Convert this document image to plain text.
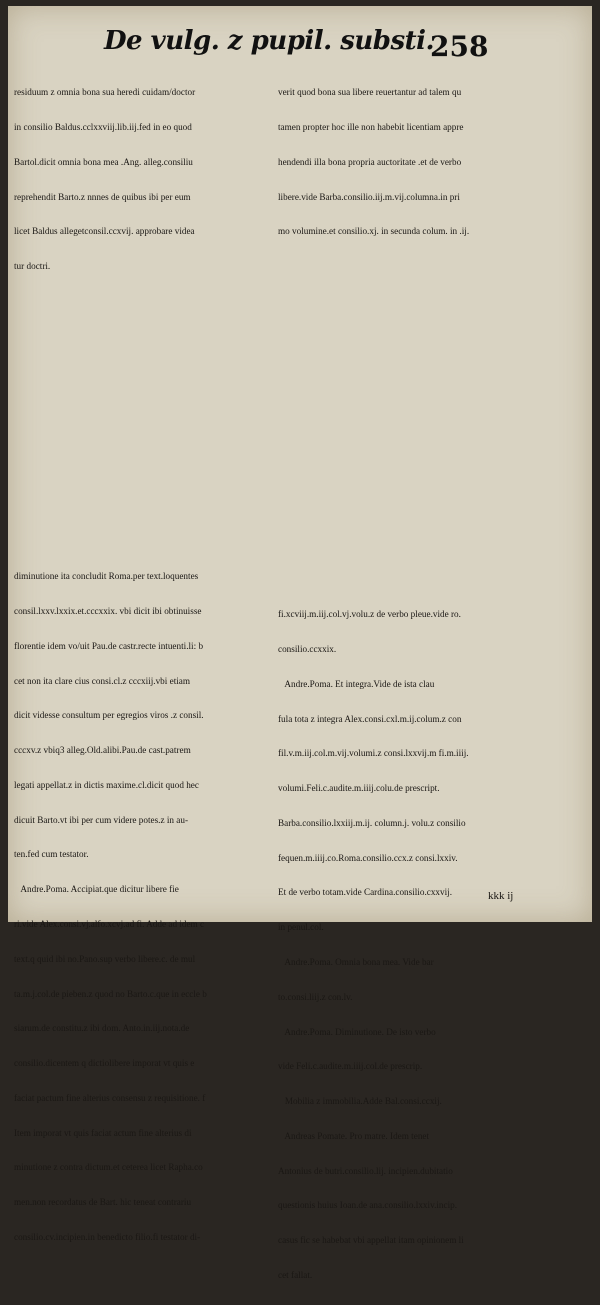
De vulg. z pupil. substi.
258

residuum z omnia bona sua heredi cuidam/doctor

in consilio Baldus.cclxxviij.lib.iij.fed in eo quod

Bartol.dicit omnia bona mea .Ang. alleg.consiliu

reprehendit Barto.z nnnes de quibus ibi per eum

licet Baldus allegetconsil.ccxvij. approbare videa

tur doctri.

verit quod bona sua libere reuertantur ad talem qu

tamen propter hoc ille non habebit licentiam appre

hendendi illa bona propria auctoritate .et de verbo

libere.vide Barba.consilio.iij.m.vij.columna.in pri

mo volumine.et consilio.xj. in secunda colum. in .ij.

diminutione ita concludit Roma.per text.loquentes

consil.lxxv.lxxix.et.cccxxix. vbi dicit ibi obtinuisse

florentie idem vo/uit Pau.de castr.recte intuenti.li: b

cet non ita clare cius consi.cl.z cccxiij.vbi etiam

dicit videsse consultum per egregios viros .z consil.

cccxv.z vbiq3 alleg.Old.alibi.Pau.de cast.patrem

legati appellat.z in dictis maxime.cl.dicit quod hec

dicuit Barto.vt ibi per cum videre potes.z in au-

ten.fed cum testator.

Andre.Poma. Accipiat.que dicitur libere fie

ri.vide Alex.consi.vj.alfo.xcvj.ad fi. Adde ad idem c

text.q quid ibi no.Pano.sup verbo libere.c. de mul

ta.m.j.col.de pieben.z quod no Barto.c.que in eccle b

siarum.de constitu.z ibi dom. Anto.in.iij.nota.de

consilio.dicentem q dictiolibere imporat vt quis e

faciat pactum fine alterius consensu z requisitione. f

Item imporat vt quis faciat actum fine alterius di

minutione z contra dictum.et ceterea licet Rapha.co

men.non recordatus de Bart. hic teneat contrariu

consilio.cv.incipien.in benedicto filio.fi testator di-

fi.xcviij.m.iij.col.vj.volu.z de verbo pleue.vide ro.

consilio.ccxxix.

Andre.Poma. Et integra.Vide de ista clau

fula tota z integra Alex.consi.cxl.m.ij.colum.z con

fil.v.m.iij.col.m.vij.volumi.z consi.lxxvij.m fi.m.iiij.

volumi.Feli.c.audite.m.iiij.colu.de prescript.

Barba.consilio.lxxiij.m.ij. column.j. volu.z consilio

fequen.m.iiij.co.Roma.consilio.ccx.z consi.lxxiv.

Et de verbo totam.vide Cardina.consilio.cxxvij.

in penul.col.

Andre.Poma. Omnia bona mea. Vide bar

to.consi.liij.z con.lv.

Andre.Poma. Diminutione. De isto verbo

vide Feli.c.audite.m.iiij.col.de prescrip.

Mobilia z immobilia.Adde Bal.consi.ccxij.

Andreas Pomate. Pro matre. Idem tenet

Antonius de butri.consilio.lij. incipien.dubitatio

questionis huius Ioan.de ana.consilio.lxxiv.incip.

casus fic se habebat vbi appellat itam opinionem li

cet fallat.

kkk ij
